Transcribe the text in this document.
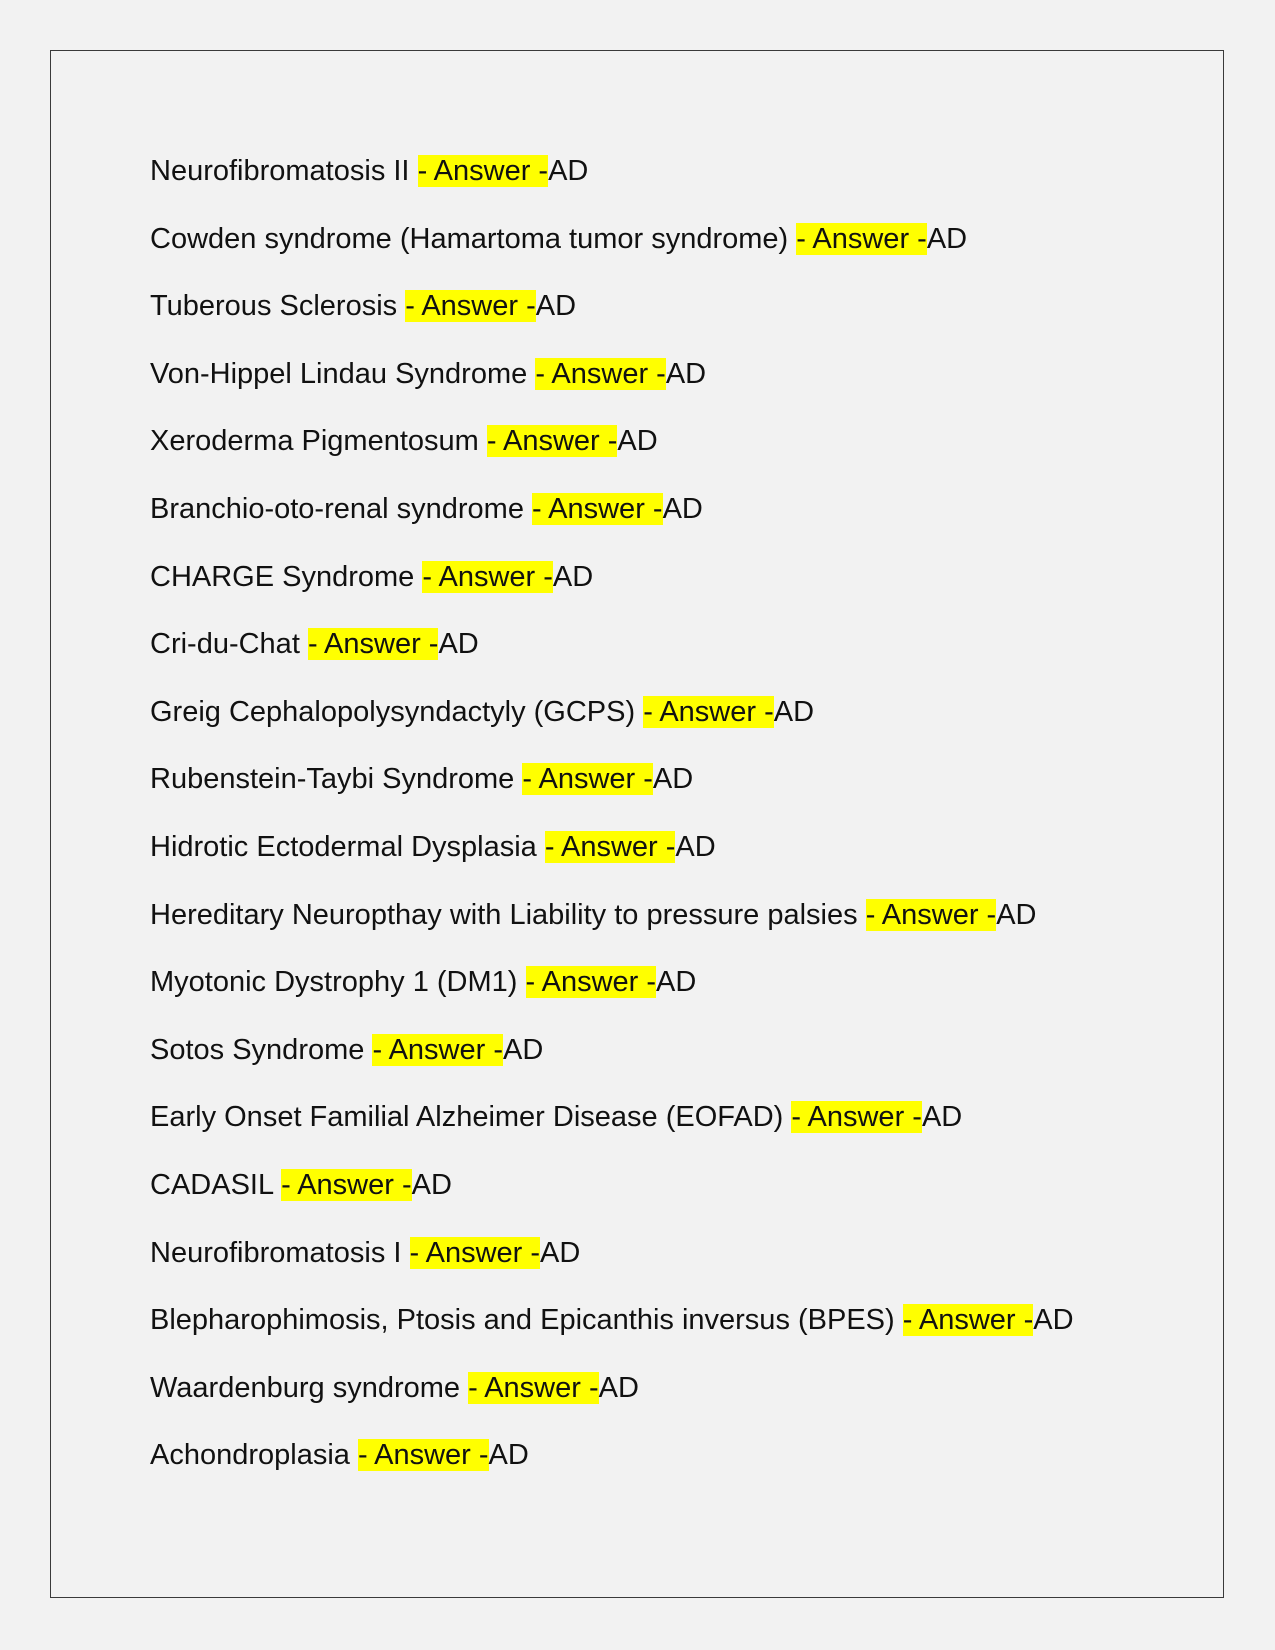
Neurofibromatosis II - Answer -AD
Cowden syndrome (Hamartoma tumor syndrome) - Answer -AD
Tuberous Sclerosis - Answer -AD
Von-Hippel Lindau Syndrome - Answer -AD
Xeroderma Pigmentosum - Answer -AD
Branchio-oto-renal syndrome - Answer -AD
CHARGE Syndrome - Answer -AD
Cri-du-Chat - Answer -AD
Greig Cephalopolysyndactyly (GCPS) - Answer -AD
Rubenstein-Taybi Syndrome - Answer -AD
Hidrotic Ectodermal Dysplasia - Answer -AD
Hereditary Neuropthay with Liability to pressure palsies - Answer -AD
Myotonic Dystrophy 1 (DM1) - Answer -AD
Sotos Syndrome - Answer -AD
Early Onset Familial Alzheimer Disease (EOFAD) - Answer -AD
CADASIL - Answer -AD
Neurofibromatosis I - Answer -AD
Blepharophimosis, Ptosis and Epicanthis inversus (BPES) - Answer -AD
Waardenburg syndrome - Answer -AD
Achondroplasia - Answer -AD
